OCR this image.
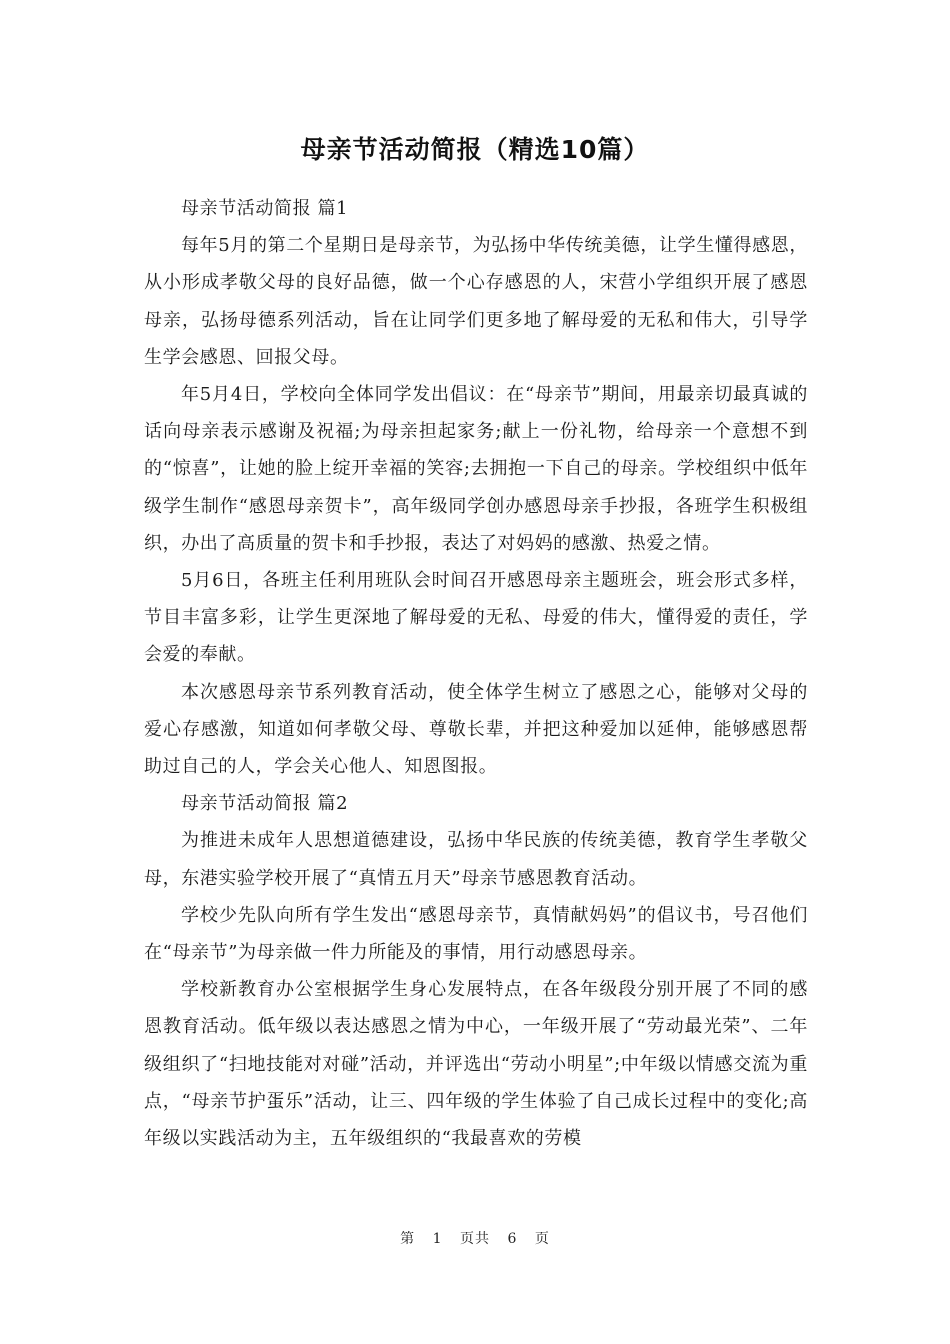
母亲节活动简报（精选10篇）

母亲节活动简报 篇1

每年5月的第二个星期日是母亲节，为弘扬中华传统美德，让学生懂得感恩，从小形成孝敬父母的良好品德，做一个心存感恩的人，宋营小学组织开展了感恩母亲，弘扬母德系列活动，旨在让同学们更多地了解母爱的无私和伟大，引导学生学会感恩、回报父母。

年5月4日，学校向全体同学发出倡议：在“母亲节”期间，用最亲切最真诚的话向母亲表示感谢及祝福;为母亲担起家务;献上一份礼物，给母亲一个意想不到的“惊喜”，让她的脸上绽开幸福的笑容;去拥抱一下自己的母亲。学校组织中低年级学生制作“感恩母亲贺卡”，高年级同学创办感恩母亲手抄报，各班学生积极组织，办出了高质量的贺卡和手抄报，表达了对妈妈的感激、热爱之情。

5月6日，各班主任利用班队会时间召开感恩母亲主题班会，班会形式多样，节目丰富多彩，让学生更深地了解母爱的无私、母爱的伟大，懂得爱的责任，学会爱的奉献。

本次感恩母亲节系列教育活动，使全体学生树立了感恩之心，能够对父母的爱心存感激，知道如何孝敬父母、尊敬长辈，并把这种爱加以延伸，能够感恩帮助过自己的人，学会关心他人、知恩图报。

母亲节活动简报 篇2

为推进未成年人思想道德建设，弘扬中华民族的传统美德，教育学生孝敬父母，东港实验学校开展了“真情五月天”母亲节感恩教育活动。

学校少先队向所有学生发出“感恩母亲节，真情献妈妈”的倡议书，号召他们在“母亲节”为母亲做一件力所能及的事情，用行动感恩母亲。

学校新教育办公室根据学生身心发展特点，在各年级段分别开展了不同的感恩教育活动。低年级以表达感恩之情为中心，一年级开展了“劳动最光荣”、二年级组织了“扫地技能对对碰”活动，并评选出“劳动小明星”;中年级以情感交流为重点，“母亲节护蛋乐”活动，让三、四年级的学生体验了自己成长过程中的变化;高年级以实践活动为主，五年级组织的“我最喜欢的劳模

第 1 页共 6 页
